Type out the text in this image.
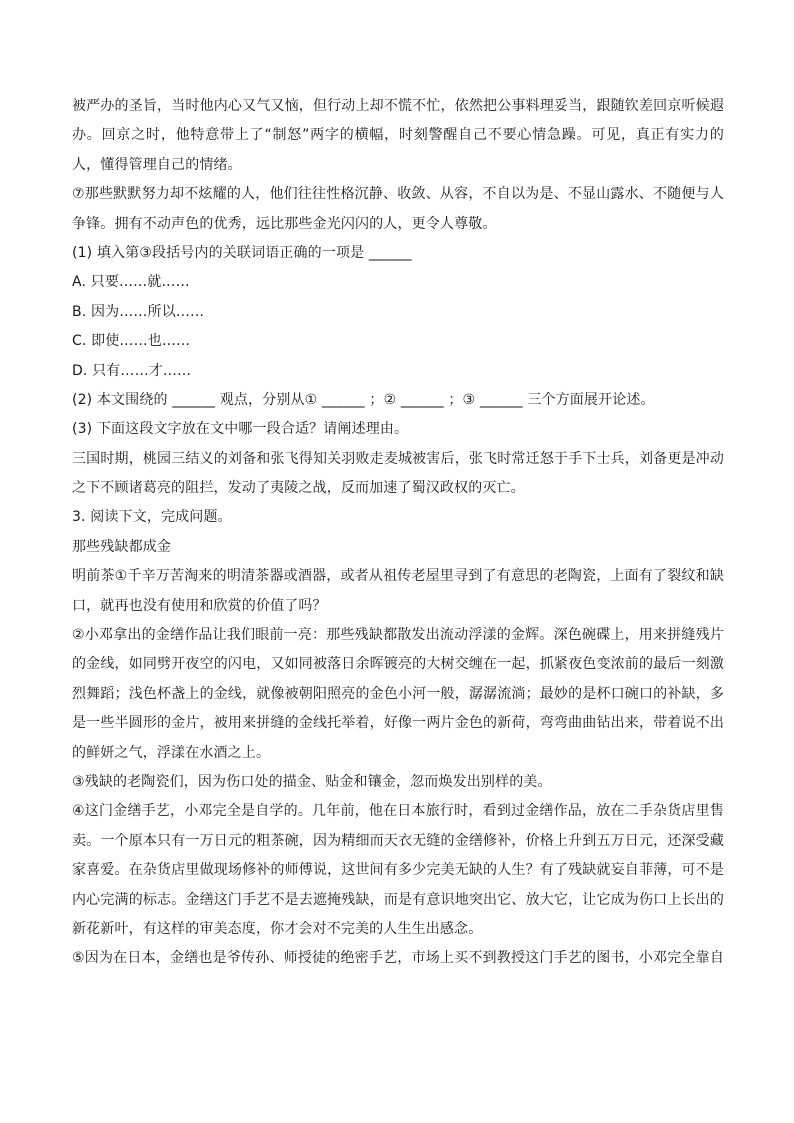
被严办的圣旨，当时他内心又气又恼，但行动上却不慌不忙，依然把公事料理妥当，跟随钦差回京听候遐
办。回京之时，他特意带上了“制怒”两字的横幅，时刻警醒自己不要心情急躁。可见，真正有实力的
人，懂得管理自己的情绪。
⑦那些默默努力却不炫耀的人，他们往往性格沉静、收敛、从容，不自以为是、不显山露水、不随便与人
争锋。拥有不动声色的优秀，远比那些金光闪闪的人，更令人尊敬。
(1) 填入第③段括号内的关联词语正确的一项是 ______
A. 只要……就……
B. 因为……所以……
C. 即使……也……
D. 只有……才……
(2) 本文围绕的 ______ 观点，分别从① ______ ；② ______ ；③ ______ 三个方面展开论述。
(3) 下面这段文字放在文中哪一段合适？请阐述理由。
三国时期，桃园三结义的刘备和张飞得知关羽败走麦城被害后，张飞时常迁怒于手下士兵，刘备更是冲动
之下不顾诸葛亮的阻拦，发动了夷陵之战，反而加速了蜀汉政权的灭亡。
3. 阅读下文，完成问题。
那些残缺都成金
明前茶①千辛万苦淘来的明清茶器或酒器，或者从祖传老屋里寻到了有意思的老陶瓷，上面有了裂纹和缺
口，就再也没有使用和欣赏的价值了吗？
②小邓拿出的金缮作品让我们眼前一亮：那些残缺都散发出流动浮漾的金辉。深色碗碟上，用来拼缝残片
的金线，如同劈开夜空的闪电，又如同被落日余晖镀亮的大树交缠在一起，抓紧夜色变浓前的最后一刻激
烈舞蹈；浅色杯盏上的金线，就像被朝阳照亮的金色小河一般，潺潺流淌；最妙的是杯口碗口的补缺，多
是一些半圆形的金片，被用来拼缝的金线托举着，好像一两片金色的新荷，弯弯曲曲钻出来，带着说不出
的鲜妍之气，浮漾在水酒之上。
③残缺的老陶瓷们，因为伤口处的描金、贴金和镶金，忽而焕发出别样的美。
④这门金缮手艺，小邓完全是自学的。几年前，他在日本旅行时，看到过金缮作品，放在二手杂货店里售
卖。一个原本只有一万日元的粗茶碗，因为精细而天衣无缝的金缮修补，价格上升到五万日元，还深受藏
家喜爱。在杂货店里做现场修补的师傅说，这世间有多少完美无缺的人生？有了残缺就妄自菲薄，可不是
内心完满的标志。金缮这门手艺不是去遮掩残缺，而是有意识地突出它、放大它，让它成为伤口上长出的
新花新叶，有这样的审美态度，你才会对不完美的人生生出感念。
⑤因为在日本，金缮也是爷传孙、师授徒的绝密手艺，市场上买不到教授这门手艺的图书，小邓完全靠自
